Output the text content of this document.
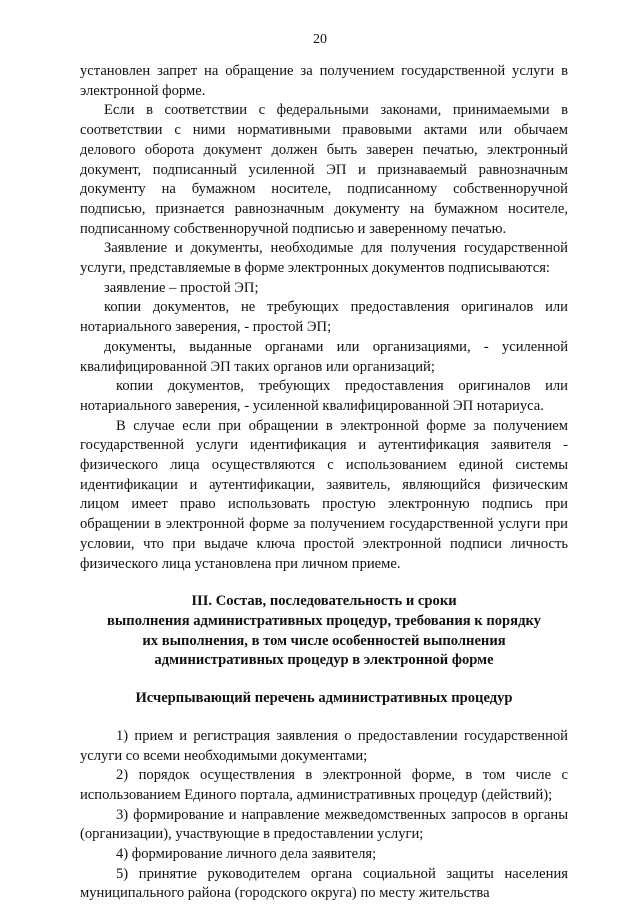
20

установлен запрет на обращение за получением государственной услуги в электронной форме.

Если в соответствии с федеральными законами, принимаемыми в соответствии с ними нормативными правовыми актами или обычаем делового оборота документ должен быть заверен печатью, электронный документ, подписанный усиленной ЭП и признаваемый равнозначным документу на бумажном носителе, подписанному собственноручной подписью, признается равнозначным документу на бумажном носителе, подписанному собственноручной подписью и заверенному печатью.

Заявление и документы, необходимые для получения государственной услуги, представляемые в форме электронных документов подписываются:

заявление – простой ЭП;

копии документов, не требующих предоставления оригиналов или нотариального заверения, - простой ЭП;

документы, выданные органами или организациями, - усиленной квалифицированной ЭП таких органов или организаций;

копии документов, требующих предоставления оригиналов или нотариального заверения, - усиленной квалифицированной ЭП нотариуса.

В случае если при обращении в электронной форме за получением государственной услуги идентификация и аутентификация заявителя - физического лица осуществляются с использованием единой системы идентификации и аутентификации, заявитель, являющийся физическим лицом имеет право использовать простую электронную подпись при обращении в электронной форме за получением государственной услуги при условии, что при выдаче ключа простой электронной подписи личность физического лица установлена при личном приеме.

III. Состав, последовательность и сроки
выполнения административных процедур, требования к порядку
их выполнения, в том числе особенностей выполнения
административных процедур в электронной форме
Исчерпывающий перечень административных процедур

1) прием и регистрация заявления о предоставлении государственной услуги со всеми необходимыми документами;

2) порядок осуществления в электронной форме, в том числе с использованием Единого портала, административных процедур (действий);

3) формирование и направление межведомственных запросов в органы (организации), участвующие в предоставлении услуги;

4) формирование личного дела заявителя;

5) принятие руководителем органа социальной защиты населения муниципального района (городского округа) по месту жительства
